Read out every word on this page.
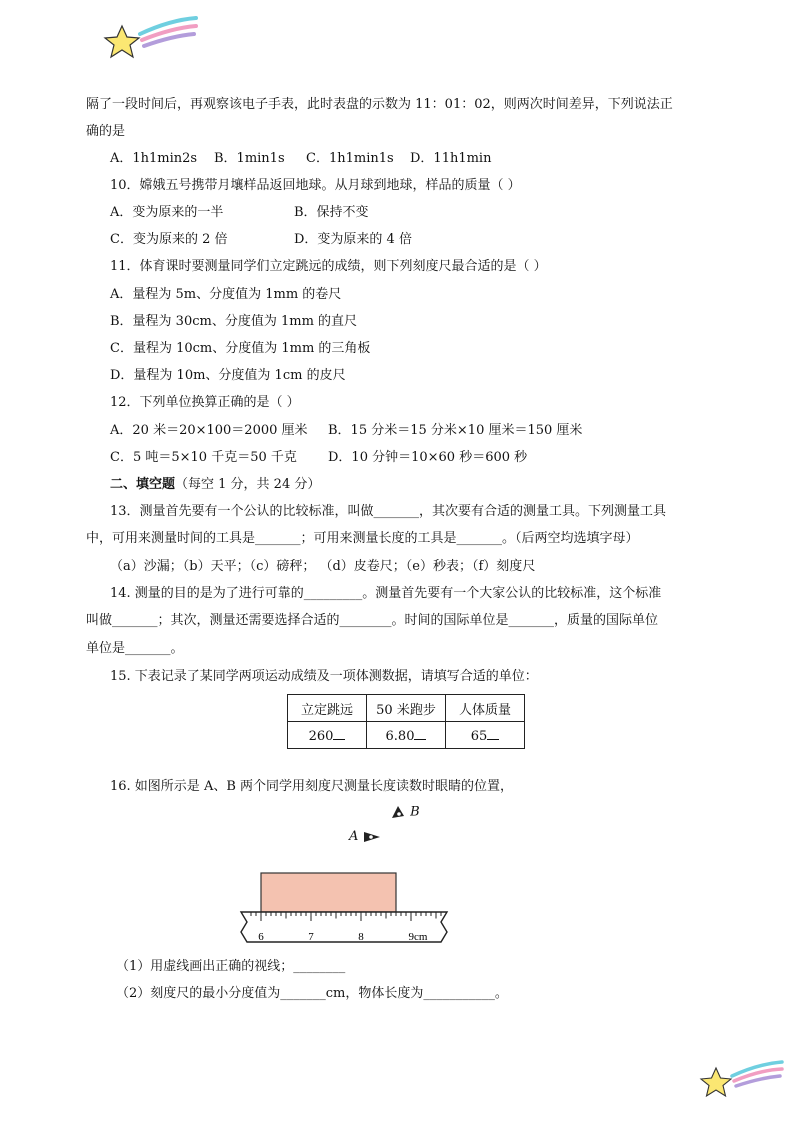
隔了一段时间后，再观察该电子手表，此时表盘的示数为 11：01：02，则两次时间差异，下列说法正
确的是
A．1h1min2s B．1min1s C．1h1min1s D．11h1min
10．嫦娥五号携带月壤样品返回地球。从月球到地球，样品的质量（ ）
A．变为原来的一半	B．保持不变
C．变为原来的 2 倍	D．变为原来的 4 倍
11．体育课时要测量同学们立定跳远的成绩，则下列刻度尺最合适的是（ ）
A．量程为 5m、分度值为 1mm 的卷尺
B．量程为 30cm、分度值为 1mm 的直尺
C．量程为 10cm、分度值为 1mm 的三角板
D．量程为 10m、分度值为 1cm 的皮尺
12．下列单位换算正确的是（ ）
A．20 米＝20×100＝2000 厘米 B．15 分米＝15 分米×10 厘米＝150 厘米
C．5 吨＝5×10 千克＝50 千克 D．10 分钟＝10×60 秒＝600 秒
二、填空题（每空 1 分，共 24 分）
13．测量首先要有一个公认的比较标准，叫做_______，其次要有合适的测量工具。下列测量工具
中，可用来测量时间的工具是_______；可用来测量长度的工具是_______。（后两空均选填字母）
（a）沙漏；（b）天平；（c）磅秤； （d）皮卷尺；（e）秒表；（f）刻度尺
14. 测量的目的是为了进行可靠的_________。测量首先要有一个大家公认的比较标准，这个标准
叫做_______；其次，测量还需要选择合适的________。时间的国际单位是_______，质量的国际单位
单位是_______。
15. 下表记录了某同学两项运动成绩及一项体测数据，请填写合适的单位：
立定跳远	50 米跑步	人体质量
260	6.80	65
16. 如图所示是 A、B 两个同学用刻度尺测量长度读数时眼睛的位置，
B
A
6	7	8	9cm
（1）用虚线画出正确的视线；________
（2）刻度尺的最小分度值为_______cm，物体长度为___________。
